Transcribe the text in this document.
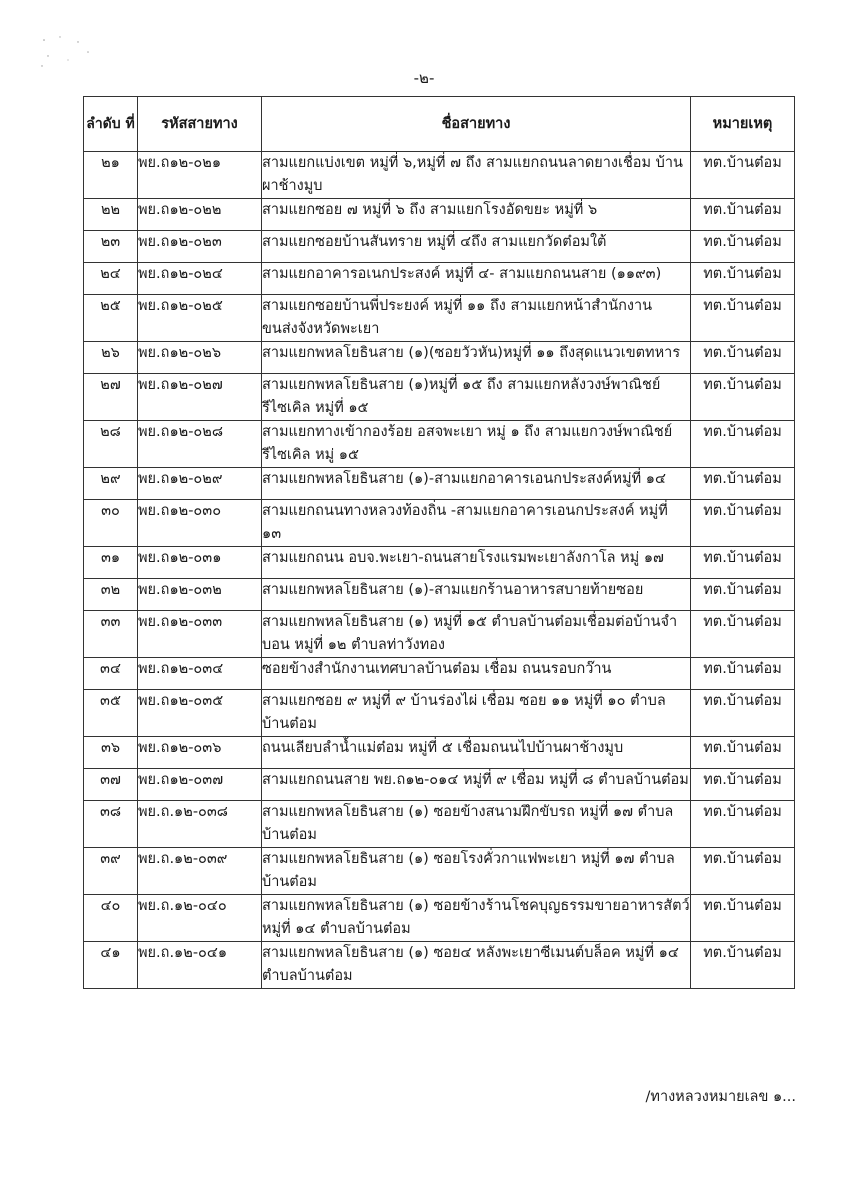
-๒-
ลำดับ ที่	รหัสสายทาง	ชื่อสายทาง	หมายเหตุ
๒๑	พย.ถ๑๒-๐๒๑	สามแยกแบ่งเขต หมู่ที่ ๖,หมู่ที่ ๗ ถึง สามแยกถนนลาดยางเชื่อม บ้านผาช้างมูบ	ทต.บ้านต๋อม
๒๒	พย.ถ๑๒-๐๒๒	สามแยกซอย ๗ หมู่ที่ ๖ ถึง สามแยกโรงอัดขยะ หมู่ที่ ๖	ทต.บ้านต๋อม
๒๓	พย.ถ๑๒-๐๒๓	สามแยกซอยบ้านสันทราย หมู่ที่ ๔ถึง สามแยกวัดต๋อมใต้	ทต.บ้านต๋อม
๒๔	พย.ถ๑๒-๐๒๔	สามแยกอาคารอเนกประสงค์ หมู่ที่ ๔- สามแยกถนนสาย (๑๑๙๓)	ทต.บ้านต๋อม
๒๕	พย.ถ๑๒-๐๒๕	สามแยกซอยบ้านพี่ประยงค์ หมู่ที่ ๑๑ ถึง สามแยกหน้าสำนักงาน ขนส่งจังหวัดพะเยา	ทต.บ้านต๋อม
๒๖	พย.ถ๑๒-๐๒๖	สามแยกพหลโยธินสาย (๑)(ซอยวัวหัน)หมู่ที่ ๑๑ ถึงสุดแนวเขตทหาร	ทต.บ้านต๋อม
๒๗	พย.ถ๑๒-๐๒๗	สามแยกพหลโยธินสาย (๑)หมู่ที่ ๑๕ ถึง สามแยกหลังวงษ์พาณิชย์ รีไซเคิล หมู่ที่ ๑๕	ทต.บ้านต๋อม
๒๘	พย.ถ๑๒-๐๒๘	สามแยกทางเข้ากองร้อย อสจพะเยา หมู่ ๑ ถึง สามแยกวงษ์พาณิชย์ รีไซเคิล หมู่ ๑๕	ทต.บ้านต๋อม
๒๙	พย.ถ๑๒-๐๒๙	สามแยกพหลโยธินสาย (๑)-สามแยกอาคารเอนกประสงค์หมู่ที่ ๑๔	ทต.บ้านต๋อม
๓๐	พย.ถ๑๒-๐๓๐	สามแยกถนนทางหลวงท้องถิ่น -สามแยกอาคารเอนกประสงค์ หมู่ที่ ๑๓	ทต.บ้านต๋อม
๓๑	พย.ถ๑๒-๐๓๑	สามแยกถนน อบจ.พะเยา-ถนนสายโรงแรมพะเยาลังกาโล หมู่ ๑๗	ทต.บ้านต๋อม
๓๒	พย.ถ๑๒-๐๓๒	สามแยกพหลโยธินสาย (๑)-สามแยกร้านอาหารสบายท้ายซอย	ทต.บ้านต๋อม
๓๓	พย.ถ๑๒-๐๓๓	สามแยกพหลโยธินสาย (๑) หมู่ที่ ๑๕ ตำบลบ้านต๋อมเชื่อมต่อบ้านจำบอน หมู่ที่ ๑๒ ตำบลท่าวังทอง	ทต.บ้านต๋อม
๓๔	พย.ถ๑๒-๐๓๔	ซอยข้างสำนักงานเทศบาลบ้านต๋อม เชื่อม ถนนรอบกว๊าน	ทต.บ้านต๋อม
๓๕	พย.ถ๑๒-๐๓๕	สามแยกซอย ๙ หมู่ที่ ๙ บ้านร่องไผ่ เชื่อม ซอย ๑๑ หมู่ที่ ๑๐ ตำบลบ้านต๋อม	ทต.บ้านต๋อม
๓๖	พย.ถ๑๒-๐๓๖	ถนนเลียบลำน้ำแม่ต๋อม หมู่ที่ ๕ เชื่อมถนนไปบ้านผาช้างมูบ	ทต.บ้านต๋อม
๓๗	พย.ถ๑๒-๐๓๗	สามแยกถนนสาย พย.ถ๑๒-๐๑๔ หมู่ที่ ๙ เชื่อม หมู่ที่ ๘ ตำบลบ้านต๋อม	ทต.บ้านต๋อม
๓๘	พย.ถ.๑๒-๐๓๘	สามแยกพหลโยธินสาย (๑) ซอยข้างสนามฝึกขับรถ หมู่ที่ ๑๗ ตำบลบ้านต๋อม	ทต.บ้านต๋อม
๓๙	พย.ถ.๑๒-๐๓๙	สามแยกพหลโยธินสาย (๑) ซอยโรงคั่วกาแฟพะเยา หมู่ที่ ๑๗ ตำบลบ้านต๋อม	ทต.บ้านต๋อม
๔๐	พย.ถ.๑๒-๐๔๐	สามแยกพหลโยธินสาย (๑) ซอยข้างร้านโชคบุญธรรมขายอาหารสัตว์ หมู่ที่ ๑๔ ตำบลบ้านต๋อม	ทต.บ้านต๋อม
๔๑	พย.ถ.๑๒-๐๔๑	สามแยกพหลโยธินสาย (๑) ซอย๔ หลังพะเยาซีเมนต์บล็อค หมู่ที่ ๑๔ ตำบลบ้านต๋อม	ทต.บ้านต๋อม
/ทางหลวงหมายเลข ๑...
